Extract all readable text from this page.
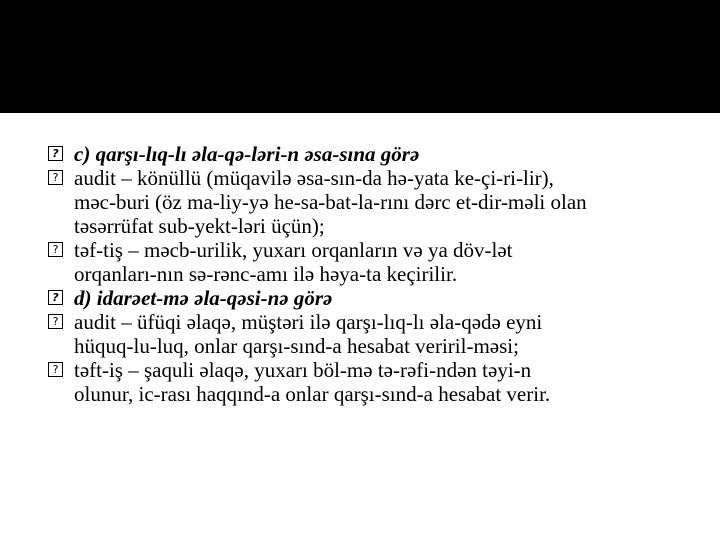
?
c) qarşı-lıq-lı əla-qə-ləri-n əsa-sına görə
?
audit – könüllü (müqavilə əsa-sın-da hə-yata ke-çi-ri-lir),
məc-buri (öz ma-liy-yə he-sa-bat-la-rını dərc et-dir-məli olan
təsərrüfat sub-yekt-ləri üçün);
?
təf-tiş – məcb-urilik, yuxarı orqanların və ya döv-lət
orqanları-nın sə-rənc-amı ilə həya-ta keçirilir.
?
d) idarəet-mə əla-qəsi-nə görə
?
audit – üfüqi əlaqə, müştəri ilə qarşı-lıq-lı əla-qədə eyni
hüquq-lu-luq, onlar qarşı-sınd-a hesabat veriril-məsi;
?
təft-iş – şaquli əlaqə, yuxarı böl-mə tə-rəfi-ndən təyi-n
olunur, ic-rası haqqınd-a onlar qarşı-sınd-a hesabat verir.
